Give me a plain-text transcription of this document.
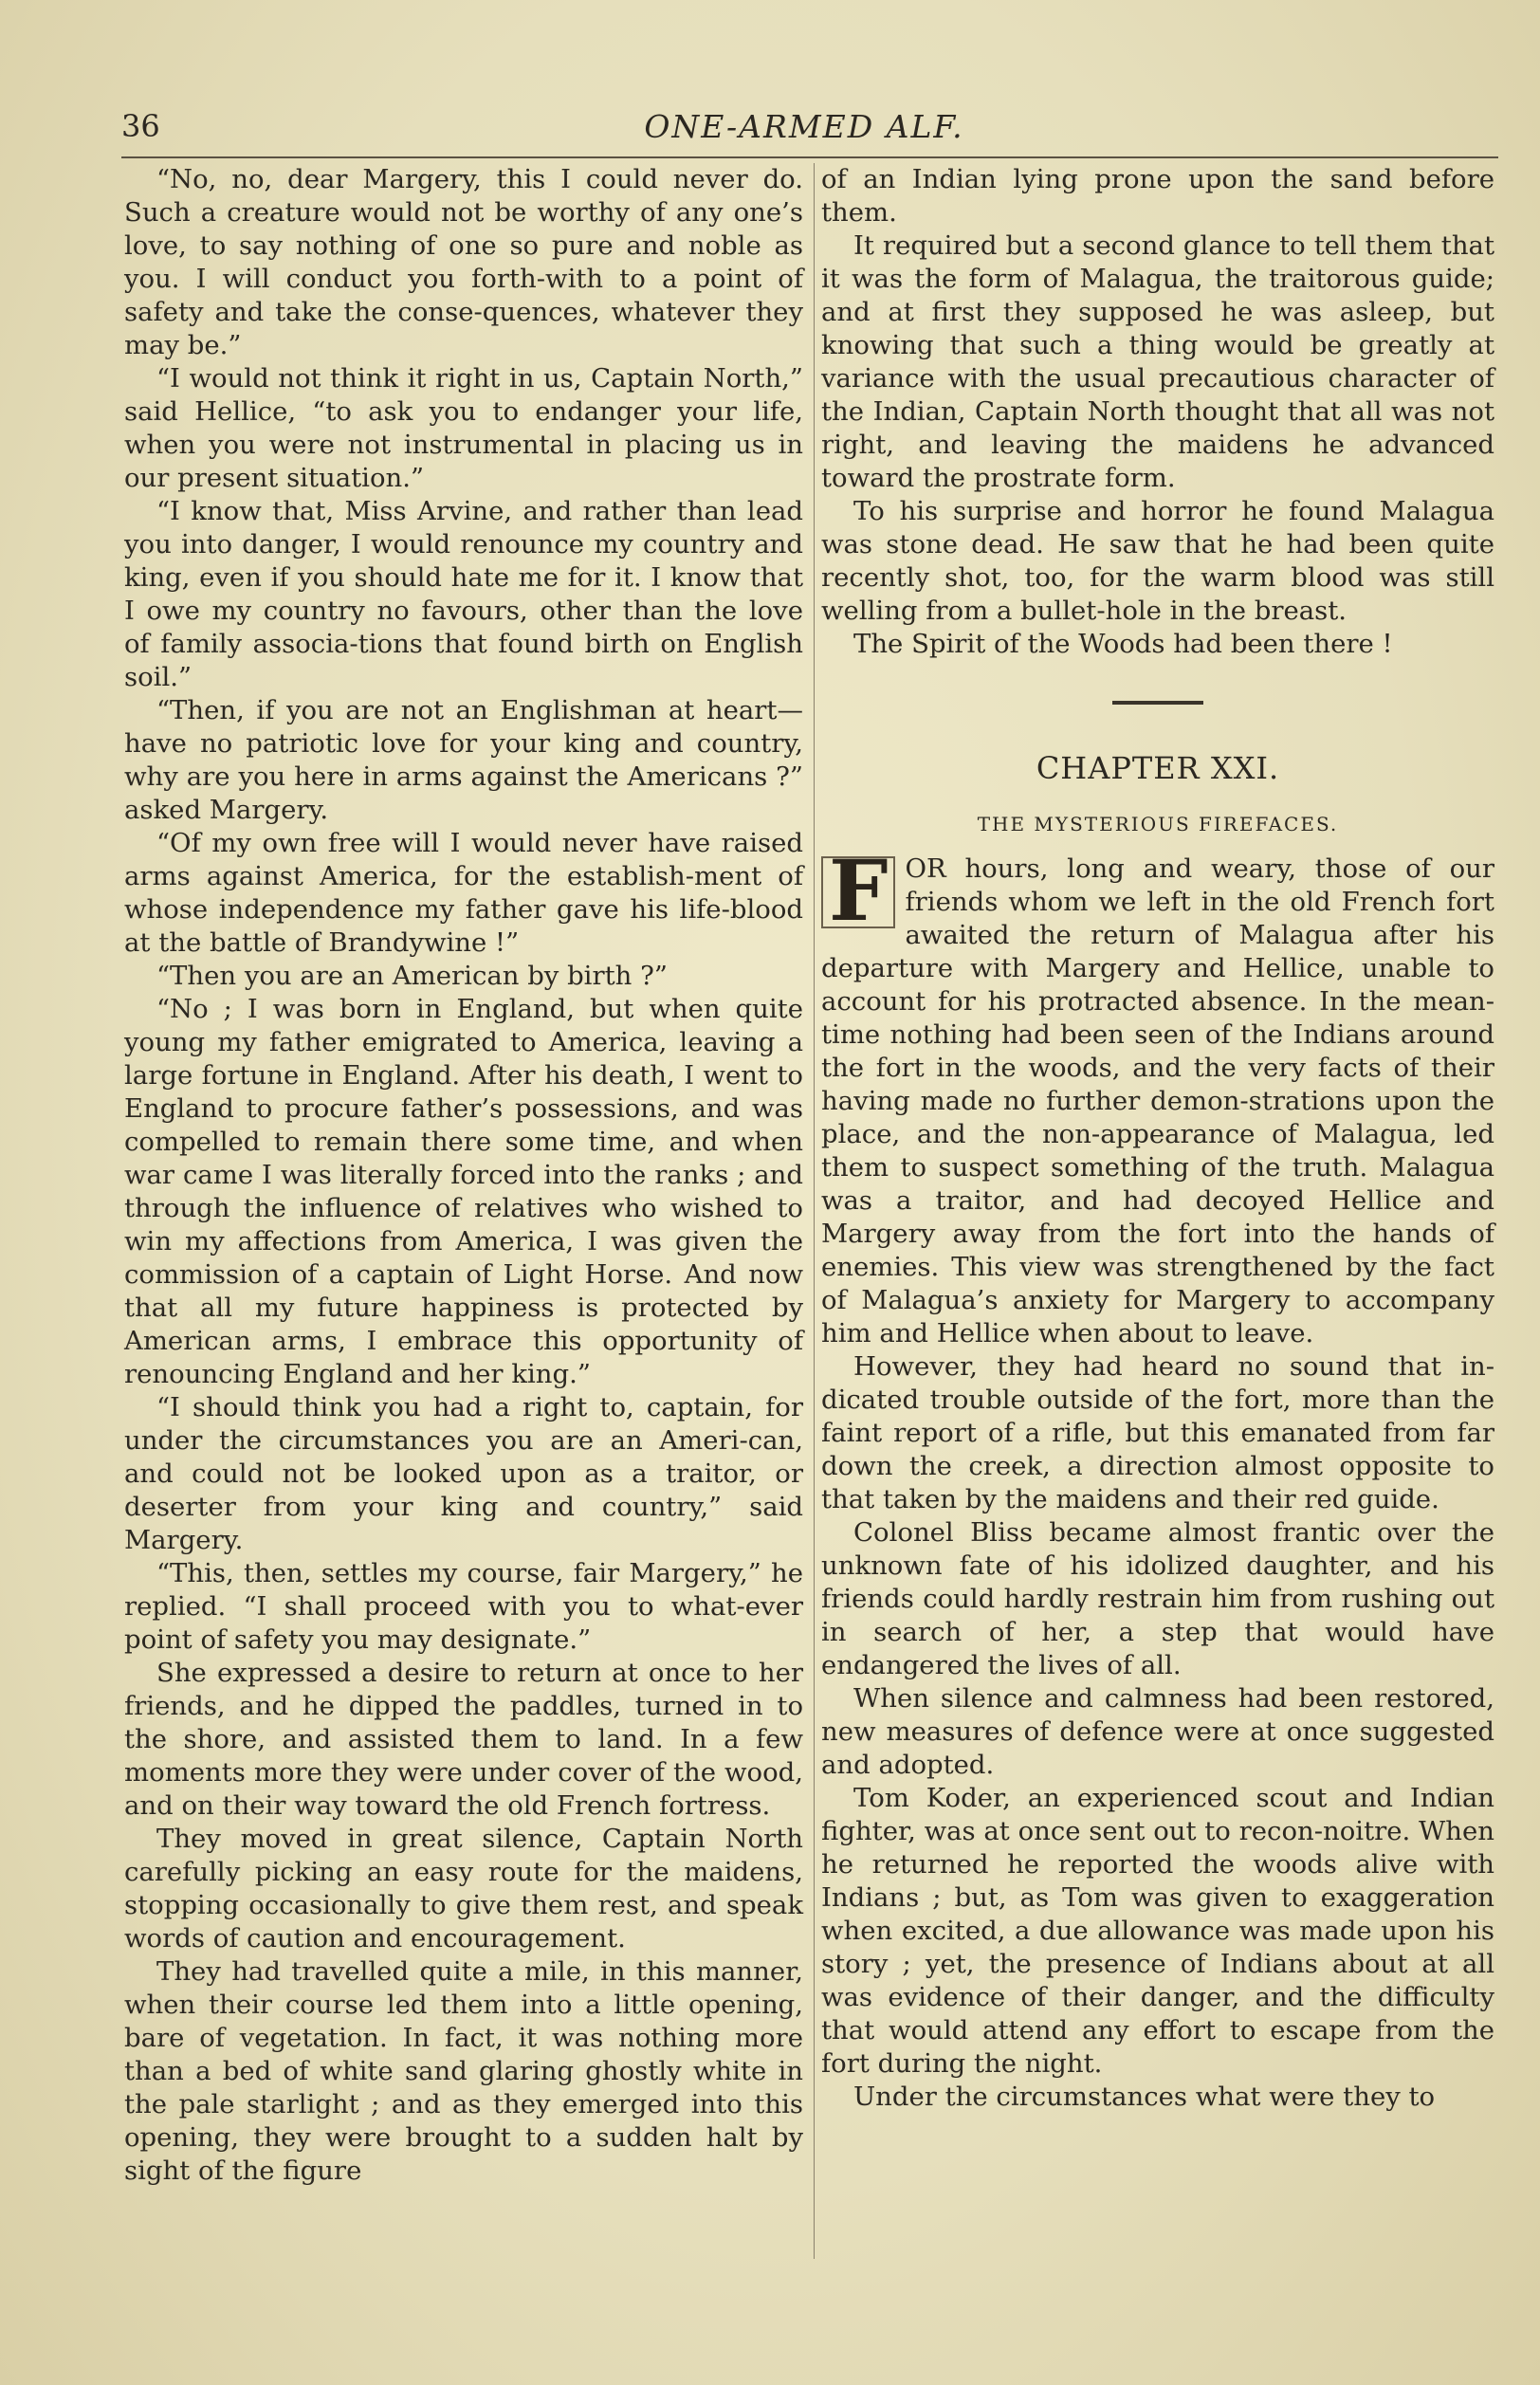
36	ONE-ARMED ALF.

“No, no, dear Margery, this I could never do. Such a creature would not be worthy of any one’s love, to say nothing of one so pure and noble as you. I will conduct you forth-with to a point of safety and take the conse-quences, whatever they may be.”

“I would not think it right in us, Captain North,” said Hellice, “to ask you to endanger your life, when you were not instrumental in placing us in our present situation.”

“I know that, Miss Arvine, and rather than lead you into danger, I would renounce my country and king, even if you should hate me for it. I know that I owe my country no favours, other than the love of family associa-tions that found birth on English soil.”

“Then, if you are not an Englishman at heart—have no patriotic love for your king and country, why are you here in arms against the Americans ?” asked Margery.

“Of my own free will I would never have raised arms against America, for the establish-ment of whose independence my father gave his life-blood at the battle of Brandywine !”

“Then you are an American by birth ?”

“No ; I was born in England, but when quite young my father emigrated to America, leaving a large fortune in England. After his death, I went to England to procure father’s possessions, and was compelled to remain there some time, and when war came I was literally forced into the ranks ; and through the influence of relatives who wished to win my affections from America, I was given the commission of a captain of Light Horse. And now that all my future happiness is protected by American arms, I embrace this opportunity of renouncing England and her king.”

“I should think you had a right to, captain, for under the circumstances you are an Ameri-can, and could not be looked upon as a traitor, or deserter from your king and country,” said Margery.

“This, then, settles my course, fair Margery,” he replied. “I shall proceed with you to what-ever point of safety you may designate.”

She expressed a desire to return at once to her friends, and he dipped the paddles, turned in to the shore, and assisted them to land. In a few moments more they were under cover of the wood, and on their way toward the old French fortress.

They moved in great silence, Captain North carefully picking an easy route for the maidens, stopping occasionally to give them rest, and speak words of caution and encouragement.

They had travelled quite a mile, in this manner, when their course led them into a little opening, bare of vegetation. In fact, it was nothing more than a bed of white sand glaring ghostly white in the pale starlight ; and as they emerged into this opening, they were brought to a sudden halt by sight of the figure

of an Indian lying prone upon the sand before them.

It required but a second glance to tell them that it was the form of Malagua, the traitorous guide; and at first they supposed he was asleep, but knowing that such a thing would be greatly at variance with the usual precautious character of the Indian, Captain North thought that all was not right, and leaving the maidens he advanced toward the prostrate form.

To his surprise and horror he found Malagua was stone dead. He saw that he had been quite recently shot, too, for the warm blood was still welling from a bullet-hole in the breast.

The Spirit of the Woods had been there !

CHAPTER XXI.
THE MYSTERIOUS FIREFACES.

F OR hours, long and weary, those of our friends whom we left in the old French fort awaited the return of Malagua after his departure with Margery and Hellice, unable to account for his protracted absence. In the mean-time nothing had been seen of the Indians around the fort in the woods, and the very facts of their having made no further demon-strations upon the place, and the non-appearance of Malagua, led them to suspect something of the truth. Malagua was a traitor, and had decoyed Hellice and Margery away from the fort into the hands of enemies. This view was strengthened by the fact of Malagua’s anxiety for Margery to accompany him and Hellice when about to leave.

However, they had heard no sound that in-dicated trouble outside of the fort, more than the faint report of a rifle, but this emanated from far down the creek, a direction almost opposite to that taken by the maidens and their red guide.

Colonel Bliss became almost frantic over the unknown fate of his idolized daughter, and his friends could hardly restrain him from rushing out in search of her, a step that would have endangered the lives of all.

When silence and calmness had been restored, new measures of defence were at once suggested and adopted.

Tom Koder, an experienced scout and Indian fighter, was at once sent out to recon-noitre. When he returned he reported the woods alive with Indians ; but, as Tom was given to exaggeration when excited, a due allowance was made upon his story ; yet, the presence of Indians about at all was evidence of their danger, and the difficulty that would attend any effort to escape from the fort during the night.

Under the circumstances what were they to
